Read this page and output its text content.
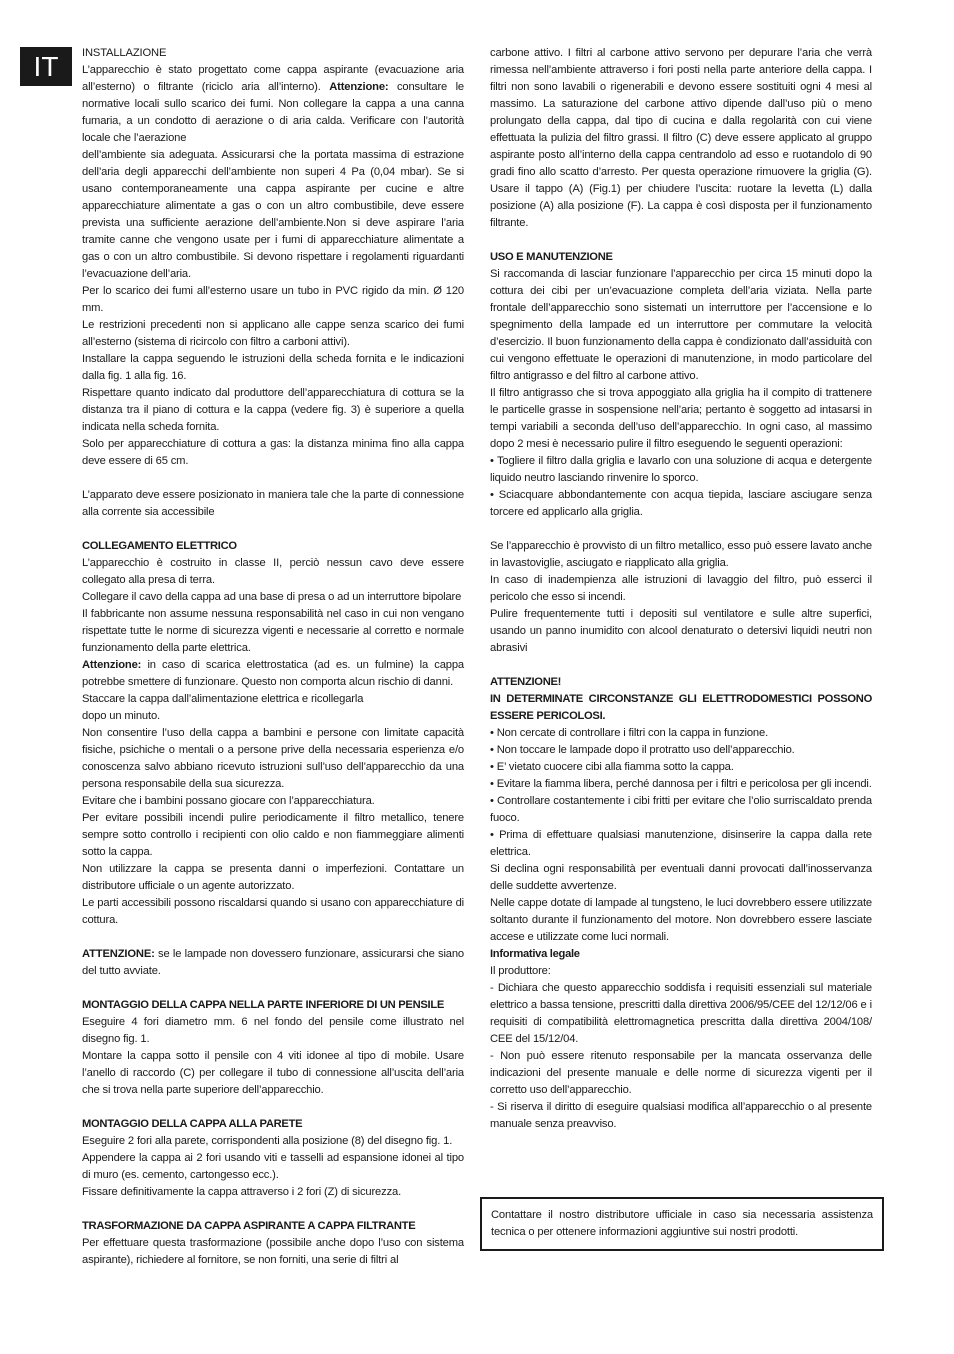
IT	INSTALLAZIONE

L’apparecchio è stato progettato come cappa aspirante (evacuazione aria all’esterno) o filtrante (riciclo aria all’interno). Attenzione: consultare le normative locali sullo scarico dei fumi. Non collegare la cappa a una canna fumaria, a un condotto di aerazione o di aria calda. Verificare con l’autorità locale che l’aerazione

dell’ambiente sia adeguata. Assicurarsi che la portata massima di estrazione dell’aria degli apparecchi dell’ambiente non superi 4 Pa (0,04 mbar). Se si usano contemporaneamente una cappa aspirante per cucine e altre apparecchiature alimentate a gas o con un altro combustibile, deve essere prevista una sufficiente aerazione dell’ambiente.Non si deve aspirare l’aria tramite canne che vengono usate per i fumi di apparecchiature alimentate a gas o con un altro combustibile. Si devono rispettare i regolamenti riguardanti l’evacuazione dell’aria.

Per lo scarico dei fumi all’esterno usare un tubo in PVC rigido da min. Ø 120 mm.

Le restrizioni precedenti non si applicano alle cappe senza scarico dei fumi all’esterno (sistema di ricircolo con filtro a carboni attivi).

Installare la cappa seguendo le istruzioni della scheda fornita e le indicazioni dalla fig. 1 alla fig. 16.

Rispettare quanto indicato dal produttore dell’apparecchiatura di cottura se la distanza tra il piano di cottura e la cappa (vedere fig. 3) è superiore a quella indicata nella scheda fornita.

Solo per apparecchiature di cottura a gas: la distanza minima fino alla cappa deve essere di 65 cm.

L’apparato deve essere posizionato in maniera tale che la parte di connessione alla corrente sia accessibile

COLLEGAMENTO ELETTRICO

L’apparecchio è costruito in classe II, perciò nessun cavo deve essere collegato alla presa di terra.

Collegare il cavo della cappa ad una base di presa o ad un interruttore bipolare

Il fabbricante non assume nessuna responsabilità nel caso in cui non vengano rispettate tutte le norme di sicurezza vigenti e necessarie al corretto e normale funzionamento della parte elettrica.

Attenzione: in caso di scarica elettrostatica (ad es. un fulmine) la cappa potrebbe smettere di funzionare. Questo non comporta alcun rischio di danni.

Staccare la cappa dall’alimentazione elettrica e ricollegarla

dopo un minuto.

Non consentire l’uso della cappa a bambini e persone con limitate capacità fisiche, psichiche o mentali o a persone prive della necessaria esperienza e/o conoscenza salvo abbiano ricevuto istruzioni sull’uso dell’apparecchio da una persona responsabile della sua sicurezza.

Evitare che i bambini possano giocare con l’apparecchiatura.

Per evitare possibili incendi pulire periodicamente il filtro metallico, tenere sempre sotto controllo i recipienti con olio caldo e non fiammeggiare alimenti sotto la cappa.

Non utilizzare la cappa se presenta danni o imperfezioni. Contattare un distributore ufficiale o un agente autorizzato.

Le parti accessibili possono riscaldarsi quando si usano con apparecchiature di cottura.

ATTENZIONE: se le lampade non dovessero funzionare, assicurarsi che siano del tutto avviate.

MONTAGGIO DELLA CAPPA NELLA PARTE INFERIORE DI UN PENSILE

Eseguire 4 fori diametro mm. 6 nel fondo del pensile come illustrato nel disegno fig. 1.

Montare la cappa sotto il pensile con 4 viti idonee al tipo di mobile. Usare l’anello di raccordo (C) per collegare il tubo di connessione all’uscita dell’aria che si trova nella parte superiore dell’apparecchio.

MONTAGGIO DELLA CAPPA ALLA PARETE

Eseguire 2 fori alla parete, corrispondenti alla posizione (8) del disegno fig. 1.

Appendere la cappa ai 2 fori usando viti e tasselli ad espansione idonei al tipo di muro (es. cemento, cartongesso ecc.).

Fissare definitivamente la cappa attraverso i 2 fori (Z) di sicurezza.

TRASFORMAZIONE DA CAPPA ASPIRANTE A CAPPA FILTRANTE

Per effettuare questa trasformazione (possibile anche dopo l’uso con sistema aspirante), richiedere al fornitore, se non forniti, una serie di filtri al

carbone attivo. I filtri al carbone attivo servono per depurare l’aria che verrà rimessa nell’ambiente attraverso i fori posti nella parte anteriore della cappa. I filtri non sono lavabili o rigenerabili e devono essere sostituiti ogni 4 mesi al massimo. La saturazione del carbone attivo dipende dall’uso più o meno prolungato della cappa, dal tipo di cucina e dalla regolarità con cui viene effettuata la pulizia del filtro grassi. Il filtro (C) deve essere applicato al gruppo aspirante posto all’interno della cappa centrandolo ad esso e ruotandolo di 90 gradi fino allo scatto d’arresto. Per questa operazione rimuovere la griglia (G). Usare il tappo (A) (Fig.1) per chiudere l’uscita: ruotare la levetta (L) dalla posizione (A) alla posizione (F). La cappa è così disposta per il funzionamento filtrante.

USO E MANUTENZIONE

Si raccomanda di lasciar funzionare l’apparecchio per circa 15 minuti dopo la cottura dei cibi per un’evacuazione completa dell’aria viziata. Nella parte frontale dell’apparecchio sono sistemati un interruttore per l’accensione e lo spegnimento della lampade ed un interruttore per commutare la velocità d’esercizio. Il buon funzionamento della cappa è condizionato dall’assiduità con cui vengono effettuate le operazioni di manutenzione, in modo particolare del filtro antigrasso e del filtro al carbone attivo.

Il filtro antigrasso che si trova appoggiato alla griglia ha il compito di trattenere le particelle grasse in sospensione nell’aria; pertanto è soggetto ad intasarsi in tempi variabili a seconda dell’uso dell’apparecchio. In ogni caso, al massimo dopo 2 mesi è necessario pulire il filtro eseguendo le seguenti operazioni:

• Togliere il filtro dalla griglia e lavarlo con una soluzione di acqua e detergente liquido neutro lasciando rinvenire lo sporco.

• Sciacquare abbondantemente con acqua tiepida, lasciare asciugare senza torcere ed applicarlo alla griglia.

Se l’apparecchio è provvisto di un filtro metallico, esso può essere lavato anche in lavastoviglie, asciugato e riapplicato alla griglia.

In caso di inadempienza alle istruzioni di lavaggio del filtro, può esserci il pericolo che esso si incendi.

Pulire frequentemente tutti i depositi sul ventilatore e sulle altre superfici, usando un panno inumidito con alcool denaturato o detersivi liquidi neutri non abrasivi

ATTENZIONE!

IN DETERMINATE CIRCONSTANZE GLI ELETTRODOMESTICI POSSONO ESSERE PERICOLOSI.

• Non cercate di controllare i filtri con la cappa in funzione.

• Non toccare le lampade dopo il protratto uso dell’apparecchio.

• E’ vietato cuocere cibi alla fiamma sotto la cappa.

• Evitare la fiamma libera, perché dannosa per i filtri e pericolosa per gli incendi.

• Controllare costantemente i cibi fritti per evitare che l’olio surriscaldato prenda fuoco.

• Prima di effettuare qualsiasi manutenzione, disinserire la cappa dalla rete elettrica.

Si declina ogni responsabilità per eventuali danni provocati dall’inosservanza delle suddette avvertenze.

Nelle cappe dotate di lampade al tungsteno, le luci dovrebbero essere utilizzate soltanto durante il funzionamento del motore. Non dovrebbero essere lasciate accese e utilizzate come luci normali.

Informativa legale

Il produttore:

- Dichiara che questo apparecchio soddisfa i requisiti essenziali sul materiale elettrico a bassa tensione, prescritti dalla direttiva 2006/95/CEE del 12/12/06 e i requisiti di compatibilità elettromagnetica prescritta dalla direttiva 2004/108/ CEE del 15/12/04.

- Non può essere ritenuto responsabile per la mancata osservanza delle indicazioni del presente manuale e delle norme di sicurezza vigenti per il corretto uso dell’apparecchio.

- Si riserva il diritto di eseguire qualsiasi modifica all’apparecchio o al presente manuale senza preavviso.

Contattare il nostro distributore ufficiale in caso sia necessaria assistenza tecnica o per ottenere informazioni aggiuntive sui nostri prodotti.
